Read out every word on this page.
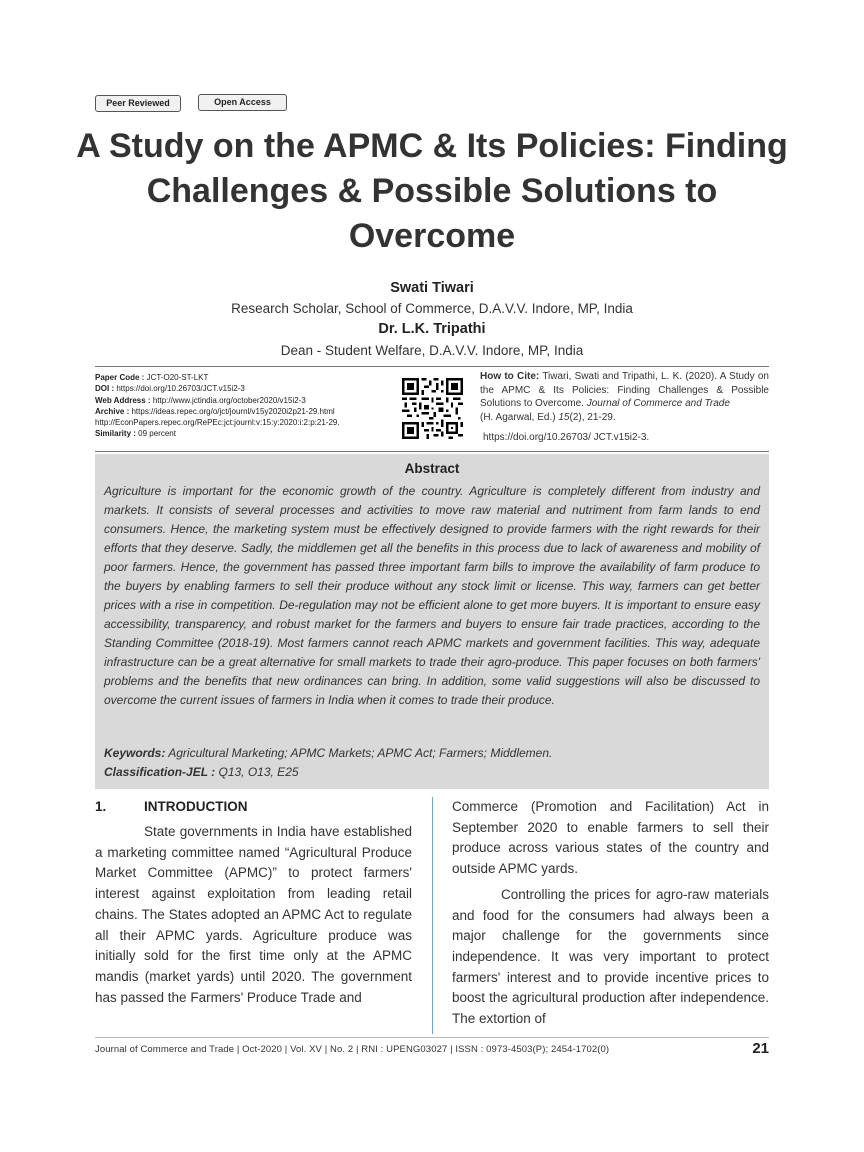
Peer Reviewed	Open Access
A Study on the APMC & Its Policies: Finding Challenges & Possible Solutions to Overcome
Swati Tiwari
Research Scholar, School of Commerce, D.A.V.V. Indore, MP, India
Dr. L.K. Tripathi
Dean - Student Welfare, D.A.V.V. Indore, MP, India
Paper Code : JCT-O20-ST-LKT
DOI : https://doi.org/10.26703/JCT.v15i2-3
Web Address : http://www.jctindia.org/october2020/v15i2-3
Archive : https://ideas.repec.org/o/jct/journl/v15y2020i2p21-29.html
http://EconPapers.repec.org/RePEc:jct:journl:v:15:y:2020:i:2:p:21-29.
Similarity : 09 percent
How to Cite: Tiwari, Swati and Tripathi, L. K. (2020). A Study on the APMC & Its Policies: Finding Challenges & Possible Solutions to Overcome. Journal of Commerce and Trade
(H. Agarwal, Ed.) 15(2), 21-29.
https://doi.org/10.26703/ JCT.v15i2-3.
Abstract

Agriculture is important for the economic growth of the country. Agriculture is completely different from industry and markets. It consists of several processes and activities to move raw material and nutriment from farm lands to end consumers. Hence, the marketing system must be effectively designed to provide farmers with the right rewards for their efforts that they deserve. Sadly, the middlemen get all the benefits in this process due to lack of awareness and mobility of poor farmers. Hence, the government has passed three important farm bills to improve the availability of farm produce to the buyers by enabling farmers to sell their produce without any stock limit or license. This way, farmers can get better prices with a rise in competition. De-regulation may not be efficient alone to get more buyers. It is important to ensure easy accessibility, transparency, and robust market for the farmers and buyers to ensure fair trade practices, according to the Standing Committee (2018-19). Most farmers cannot reach APMC markets and government facilities. This way, adequate infrastructure can be a great alternative for small markets to trade their agro-produce. This paper focuses on both farmers' problems and the benefits that new ordinances can bring. In addition, some valid suggestions will also be discussed to overcome the current issues of farmers in India when it comes to trade their produce.

Keywords: Agricultural Marketing; APMC Markets; APMC Act; Farmers; Middlemen.
Classification-JEL : Q13, O13, E25
1.	INTRODUCTION

State governments in India have established a marketing committee named “Agricultural Produce Market Committee (APMC)” to protect farmers' interest against exploitation from leading retail chains. The States adopted an APMC Act to regulate all their APMC yards. Agriculture produce was initially sold for the first time only at the APMC mandis (market yards) until 2020. The government has passed the Farmers' Produce Trade and

Commerce (Promotion and Facilitation) Act in September 2020 to enable farmers to sell their produce across various states of the country and outside APMC yards.

Controlling the prices for agro-raw materials and food for the consumers had always been a major challenge for the governments since independence. It was very important to protect farmers' interest and to provide incentive prices to boost the agricultural production after independence. The extortion of

Journal of Commerce and Trade | Oct-2020 | Vol. XV | No. 2 | RNI : UPENG03027 | ISSN : 0973-4503(P); 2454-1702(0)	21
